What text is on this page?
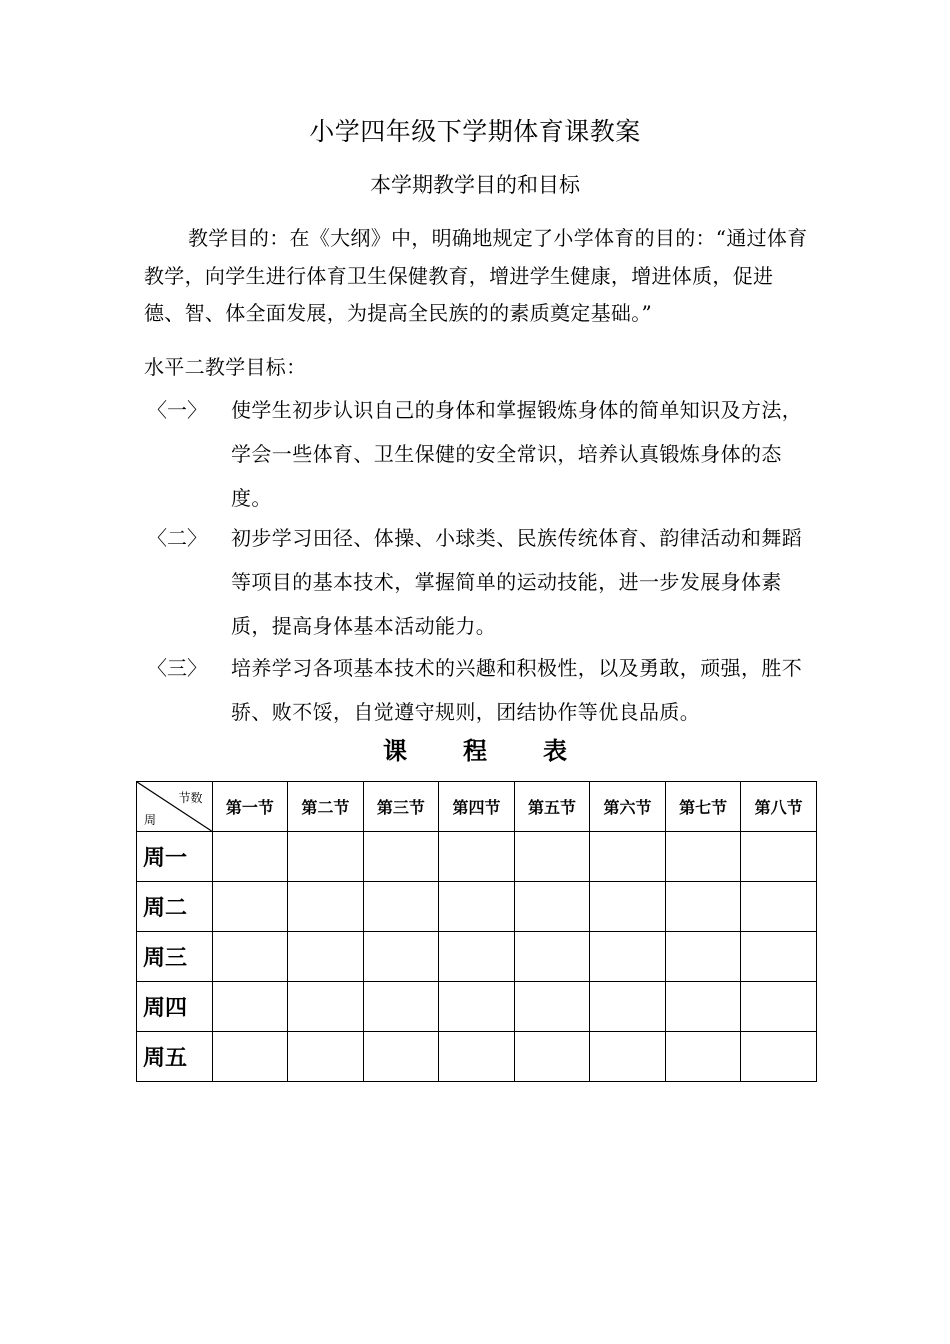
小学四年级下学期体育课教案
本学期教学目的和目标
教学目的：在《大纲》中，明确地规定了小学体育的目的：“通过体育教学，向学生进行体育卫生保健教育，增进学生健康，增进体质，促进德、智、体全面发展，为提高全民族的的素质奠定基础。”
水平二教学目标：
〈一〉	使学生初步认识自己的身体和掌握锻炼身体的简单知识及方法，学会一些体育、卫生保健的安全常识，培养认真锻炼身体的态度。
〈二〉	初步学习田径、体操、小球类、民族传统体育、韵律活动和舞蹈等项目的基本技术，掌握简单的运动技能，进一步发展身体素质，提高身体基本活动能力。
〈三〉	培养学习各项基本技术的兴趣和积极性，以及勇敢，顽强，胜不骄、败不馁，自觉遵守规则，团结协作等优良品质。
课 程 表
节数
周	第一节	第二节	第三节	第四节	第五节	第六节	第七节	第八节
周一								
周二								
周三								
周四								
周五								
